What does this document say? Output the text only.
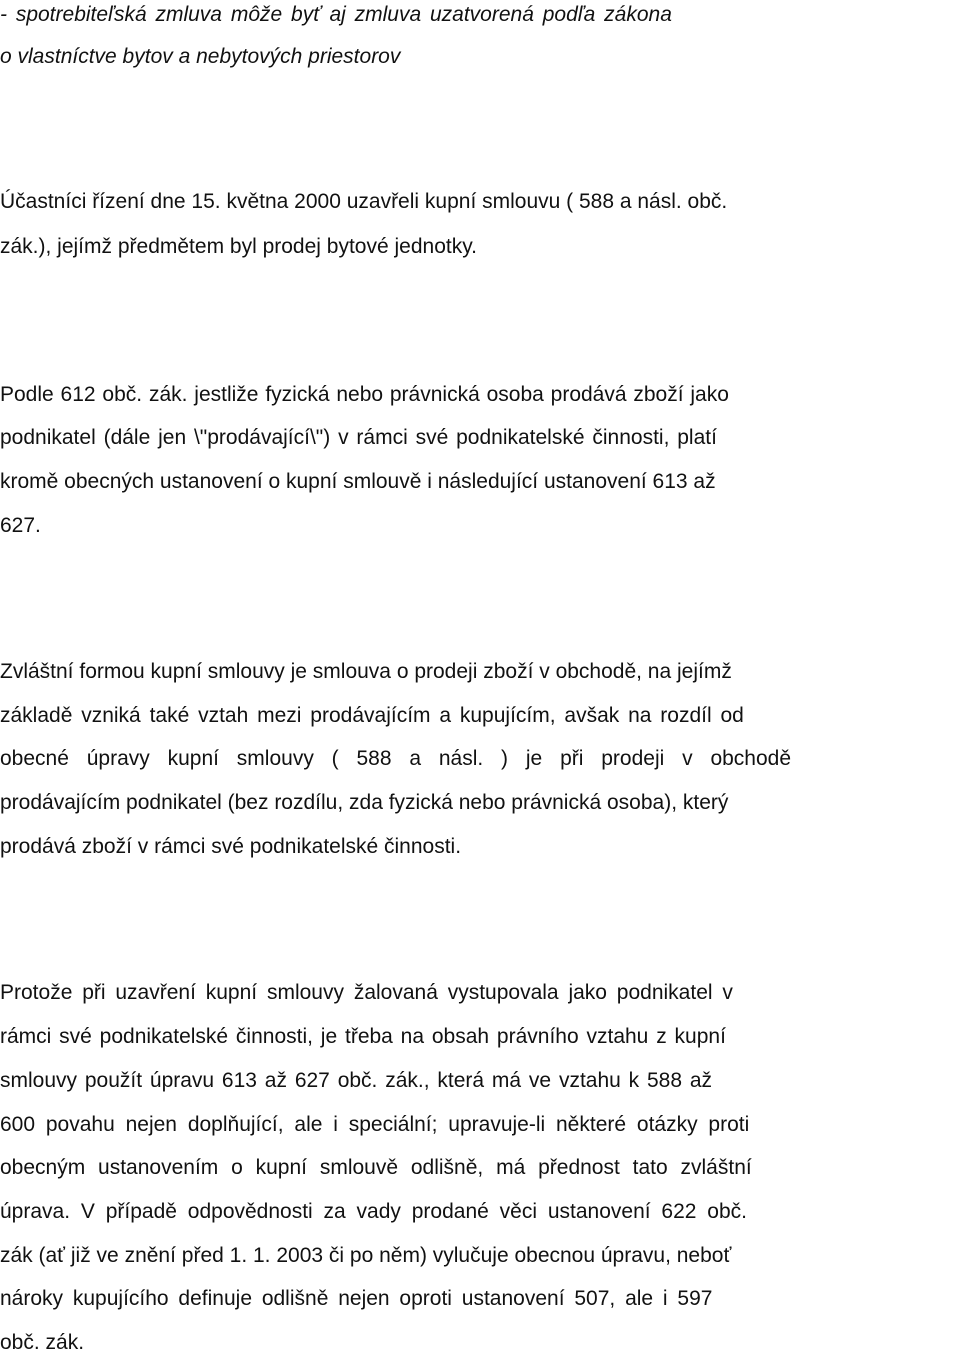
- spotrebiteľská zmluva môže byť aj zmluva uzatvorená podľa zákona
o vlastníctve bytov a nebytových priestorov
Účastníci řízení dne 15. května 2000 uzavřeli kupní smlouvu ( 588 a násl. obč.
zák.), jejímž předmětem byl prodej bytové jednotky.
Podle 612 obč. zák. jestliže fyzická nebo právnická osoba prodává zboží jako
podnikatel (dále jen \"prodávající\") v rámci své podnikatelské činnosti, platí
kromě obecných ustanovení o kupní smlouvě i následující ustanovení 613 až
627.
Zvláštní formou kupní smlouvy je smlouva o prodeji zboží v obchodě, na jejímž
základě vzniká také vztah mezi prodávajícím a kupujícím, avšak na rozdíl od
obecné úpravy kupní smlouvy ( 588 a násl. ) je při prodeji v obchodě
prodávajícím podnikatel (bez rozdílu, zda fyzická nebo právnická osoba), který
prodává zboží v rámci své podnikatelské činnosti.
Protože při uzavření kupní smlouvy žalovaná vystupovala jako podnikatel v
rámci své podnikatelské činnosti, je třeba na obsah právního vztahu z kupní
smlouvy použít úpravu 613 až 627 obč. zák., která má ve vztahu k 588 až
600 povahu nejen doplňující, ale i speciální; upravuje-li některé otázky proti
obecným ustanovením o kupní smlouvě odlišně, má přednost tato zvláštní
úprava. V případě odpovědnosti za vady prodané věci ustanovení 622 obč.
zák (ať již ve znění před 1. 1. 2003 či po něm) vylučuje obecnou úpravu, neboť
nároky kupujícího definuje odlišně nejen oproti ustanovení 507, ale i 597
obč. zák.
